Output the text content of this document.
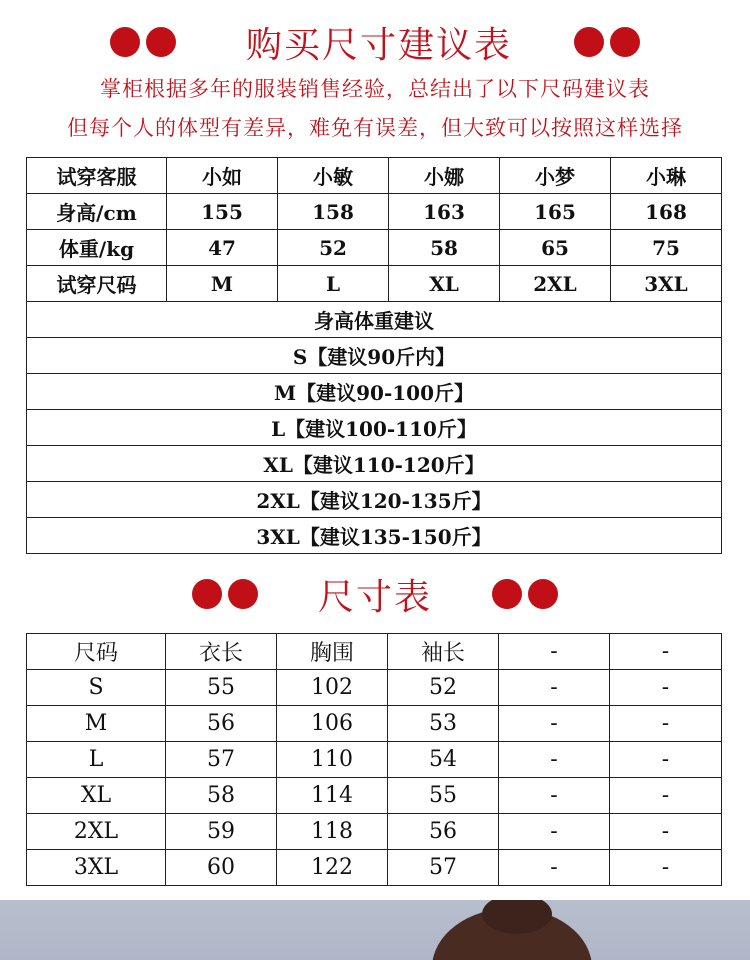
购买尺寸建议表
掌柜根据多年的服装销售经验，总结出了以下尺码建议表
但每个人的体型有差异，难免有误差，但大致可以按照这样选择
试穿客服	小如	小敏	小娜	小梦	小琳
身高/cm	155	158	163	165	168
体重/kg	47	52	58	65	75
试穿尺码	M	L	XL	2XL	3XL
身高体重建议					
S【建议90斤内】					
M【建议90-100斤】					
L【建议100-110斤】					
XL【建议110-120斤】					
2XL【建议120-135斤】					
3XL【建议135-150斤】					
尺寸表
尺码	衣长	胸围	袖长	-	-
S	55	102	52	-	-
M	56	106	53	-	-
L	57	110	54	-	-
XL	58	114	55	-	-
2XL	59	118	56	-	-
3XL	60	122	57	-	-
